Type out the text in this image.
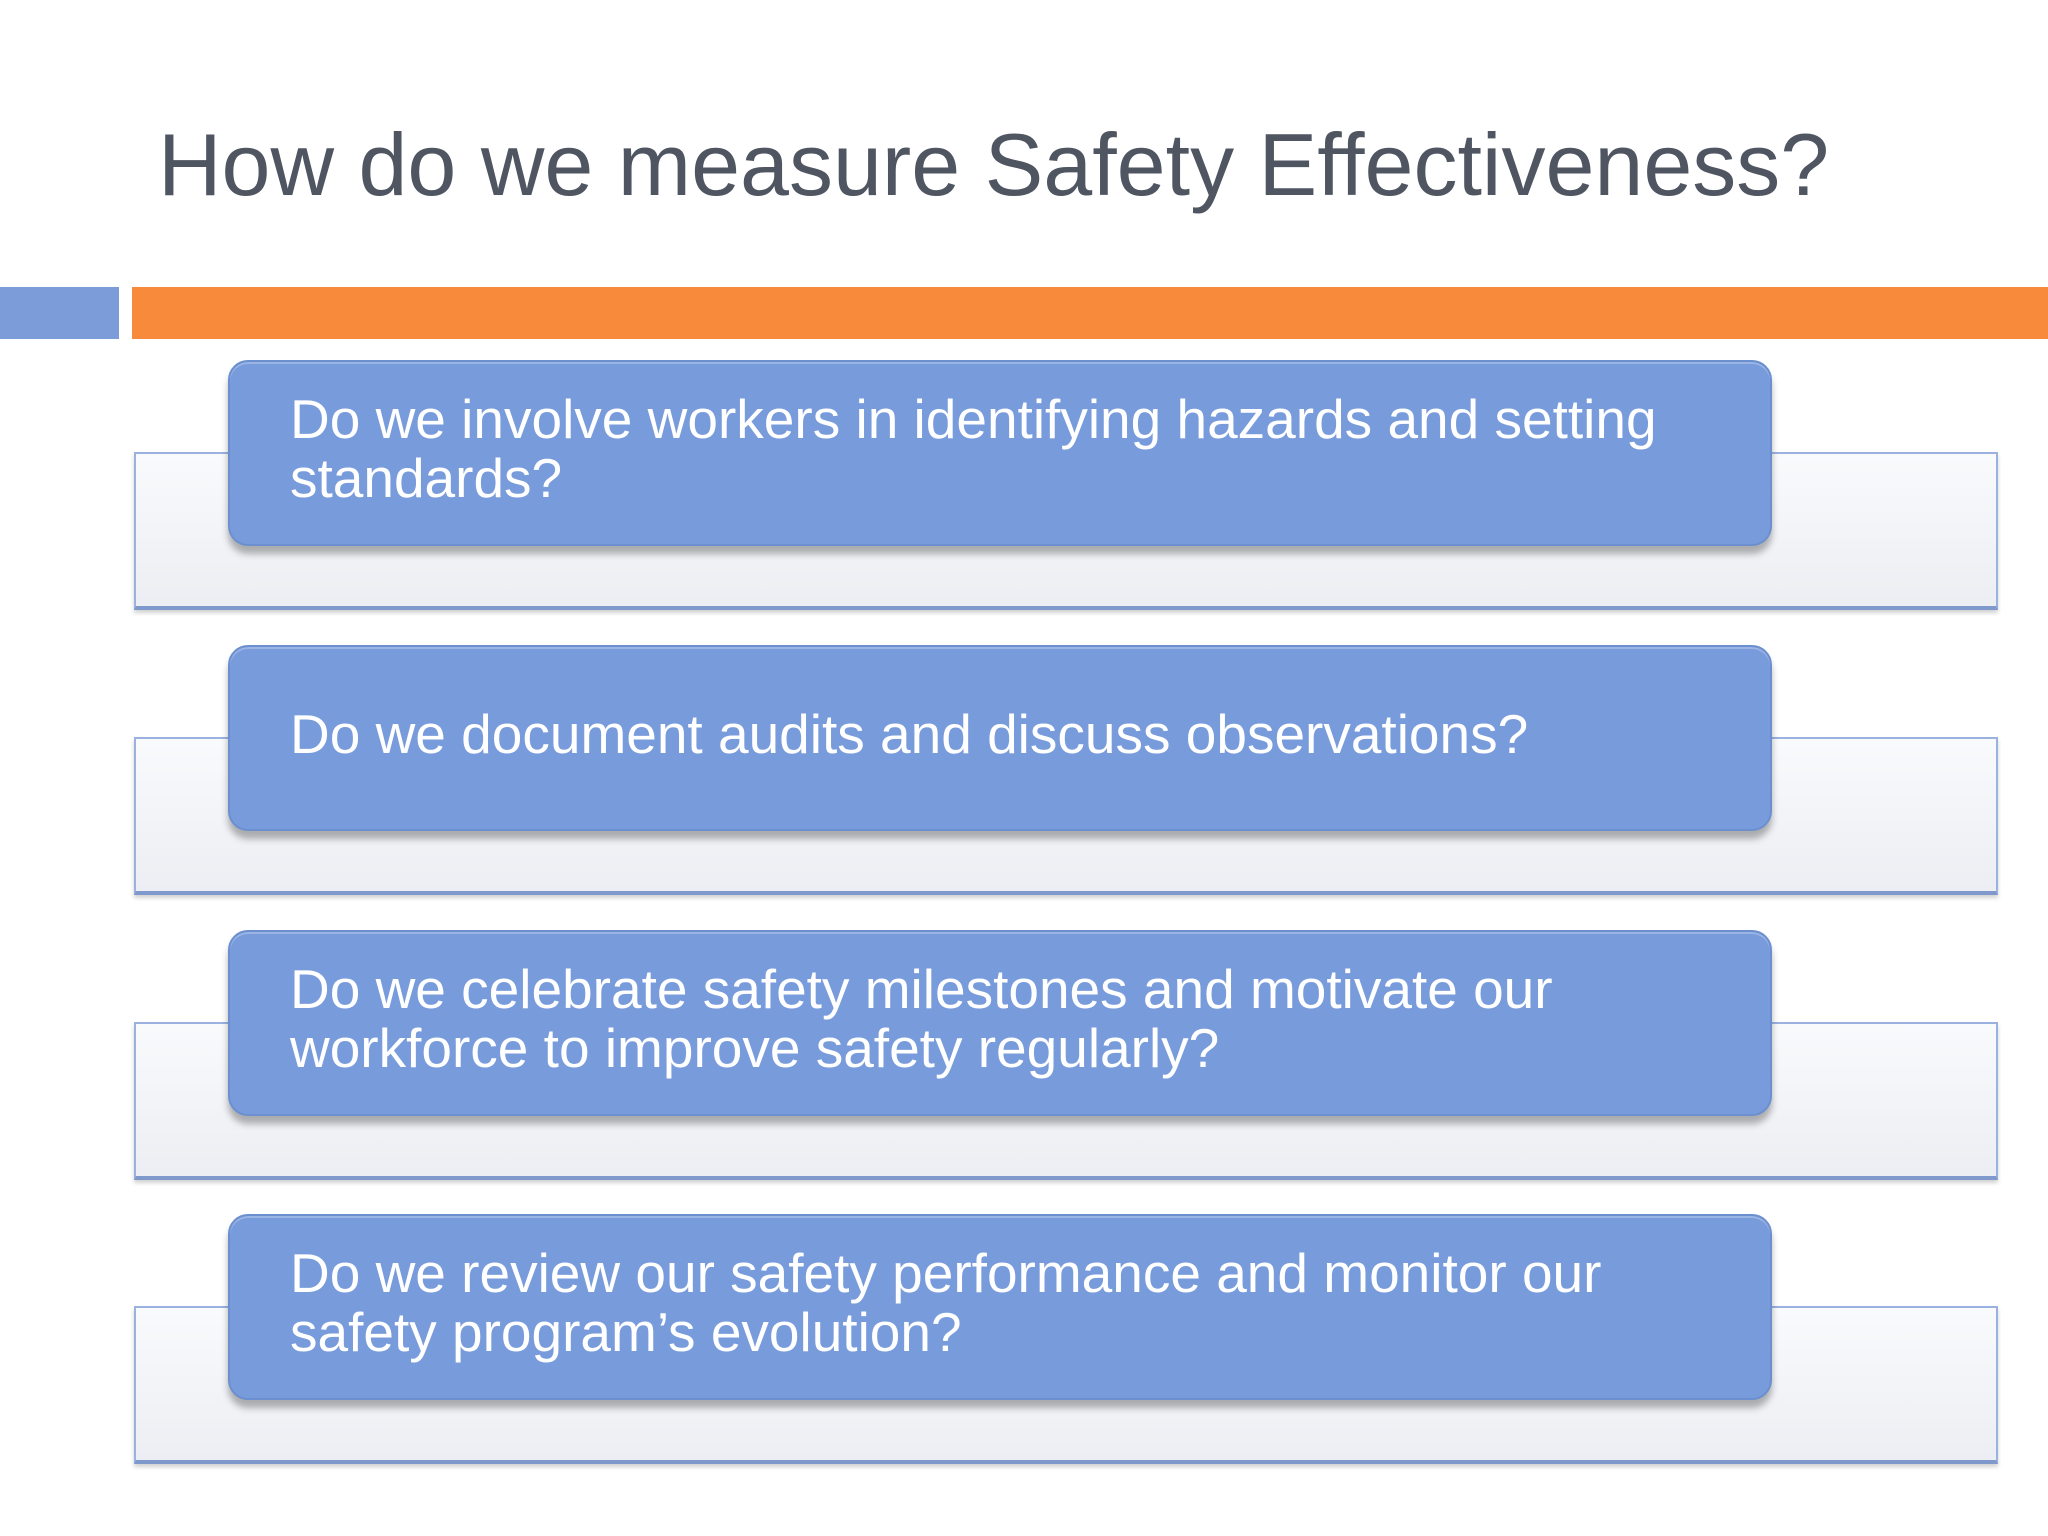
How do we measure Safety Effectiveness?
Do we involve workers in identifying hazards and setting standards?
Do we document audits and discuss observations?
Do we celebrate safety milestones and motivate our workforce to improve safety regularly?
Do we review our safety performance and monitor our safety program’s evolution?
